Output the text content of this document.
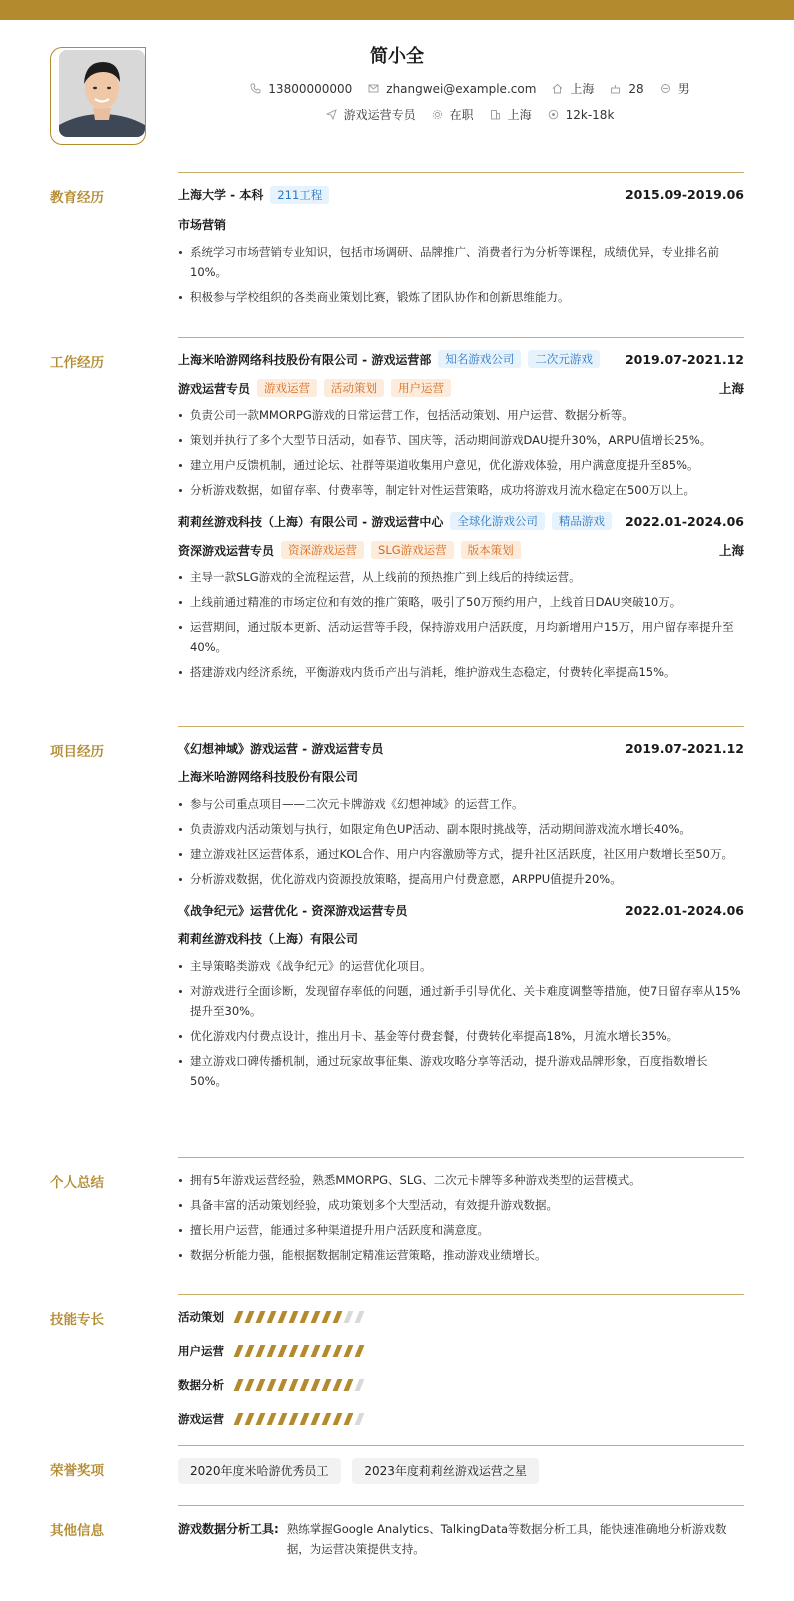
简小全
13800000000	zhangwei@example.com	上海	28	男
游戏运营专员	在职	上海	12k-18k
教育经历	上海大学 - 本科	211工程	2015.09-2019.06
市场营销
系统学习市场营销专业知识，包括市场调研、品牌推广、消费者行为分析等课程，成绩优异，专业排名前10%。
积极参与学校组织的各类商业策划比赛，锻炼了团队协作和创新思维能力。
工作经历	上海米哈游网络科技股份有限公司 - 游戏运营部	知名游戏公司	二次元游戏	2019.07-2021.12
游戏运营专员	游戏运营	活动策划	用户运营	上海
负责公司一款MMORPG游戏的日常运营工作，包括活动策划、用户运营、数据分析等。
策划并执行了多个大型节日活动，如春节、国庆等，活动期间游戏DAU提升30%，ARPU值增长25%。
建立用户反馈机制，通过论坛、社群等渠道收集用户意见，优化游戏体验，用户满意度提升至85%。
分析游戏数据，如留存率、付费率等，制定针对性运营策略，成功将游戏月流水稳定在500万以上。
莉莉丝游戏科技（上海）有限公司 - 游戏运营中心	全球化游戏公司	精品游戏	2022.01-2024.06
资深游戏运营专员	资深游戏运营	SLG游戏运营	版本策划	上海
主导一款SLG游戏的全流程运营，从上线前的预热推广到上线后的持续运营。
上线前通过精准的市场定位和有效的推广策略，吸引了50万预约用户，上线首日DAU突破10万。
运营期间，通过版本更新、活动运营等手段，保持游戏用户活跃度，月均新增用户15万，用户留存率提升至40%。
搭建游戏内经济系统，平衡游戏内货币产出与消耗，维护游戏生态稳定，付费转化率提高15%。
项目经历	《幻想神域》游戏运营 - 游戏运营专员	2019.07-2021.12
上海米哈游网络科技股份有限公司
参与公司重点项目——二次元卡牌游戏《幻想神域》的运营工作。
负责游戏内活动策划与执行，如限定角色UP活动、副本限时挑战等，活动期间游戏流水增长40%。
建立游戏社区运营体系，通过KOL合作、用户内容激励等方式，提升社区活跃度，社区用户数增长至50万。
分析游戏数据，优化游戏内资源投放策略，提高用户付费意愿，ARPPU值提升20%。
《战争纪元》运营优化 - 资深游戏运营专员	2022.01-2024.06
莉莉丝游戏科技（上海）有限公司
主导策略类游戏《战争纪元》的运营优化项目。
对游戏进行全面诊断，发现留存率低的问题，通过新手引导优化、关卡难度调整等措施，使7日留存率从15%提升至30%。
优化游戏内付费点设计，推出月卡、基金等付费套餐，付费转化率提高18%，月流水增长35%。
建立游戏口碑传播机制，通过玩家故事征集、游戏攻略分享等活动，提升游戏品牌形象，百度指数增长50%。
个人总结	拥有5年游戏运营经验，熟悉MMORPG、SLG、二次元卡牌等多种游戏类型的运营模式。
具备丰富的活动策划经验，成功策划多个大型活动，有效提升游戏数据。
擅长用户运营，能通过多种渠道提升用户活跃度和满意度。
数据分析能力强，能根据数据制定精准运营策略，推动游戏业绩增长。
技能专长	活动策划
用户运营
数据分析
游戏运营
荣誉奖项	2020年度米哈游优秀员工	2023年度莉莉丝游戏运营之星
其他信息	游戏数据分析工具: 熟练掌握Google Analytics、TalkingData等数据分析工具，能快速准确地分析游戏数据，为运营决策提供支持。
